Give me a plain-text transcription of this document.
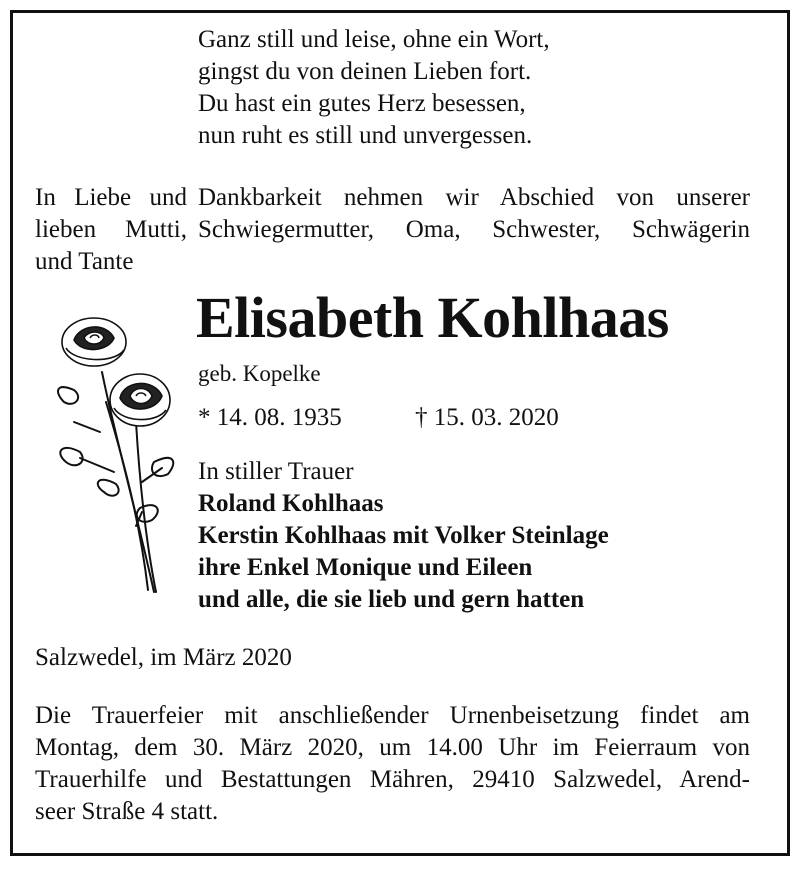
Ganz still und leise, ohne ein Wort,
gingst du von deinen Lieben fort.
Du hast ein gutes Herz besessen,
nun ruht es still und unvergessen.
In Liebe und
lieben Mutti,
und Tante
Dankbarkeit nehmen wir Abschied von unserer
Schwiegermutter, Oma, Schwester, Schwägerin
Elisabeth Kohlhaas
geb. Kopelke
* 14. 08. 1935	† 15. 03. 2020
In stiller Trauer
Roland Kohlhaas
Kerstin Kohlhaas mit Volker Steinlage
ihre Enkel Monique und Eileen
und alle, die sie lieb und gern hatten
Salzwedel, im März 2020
Die Trauerfeier mit anschließender Urnenbeisetzung findet am
Montag, dem 30. März 2020, um 14.00 Uhr im Feierraum von
Trauerhilfe und Bestattungen Mähren, 29410 Salzwedel, Arend-
seer Straße 4 statt.
